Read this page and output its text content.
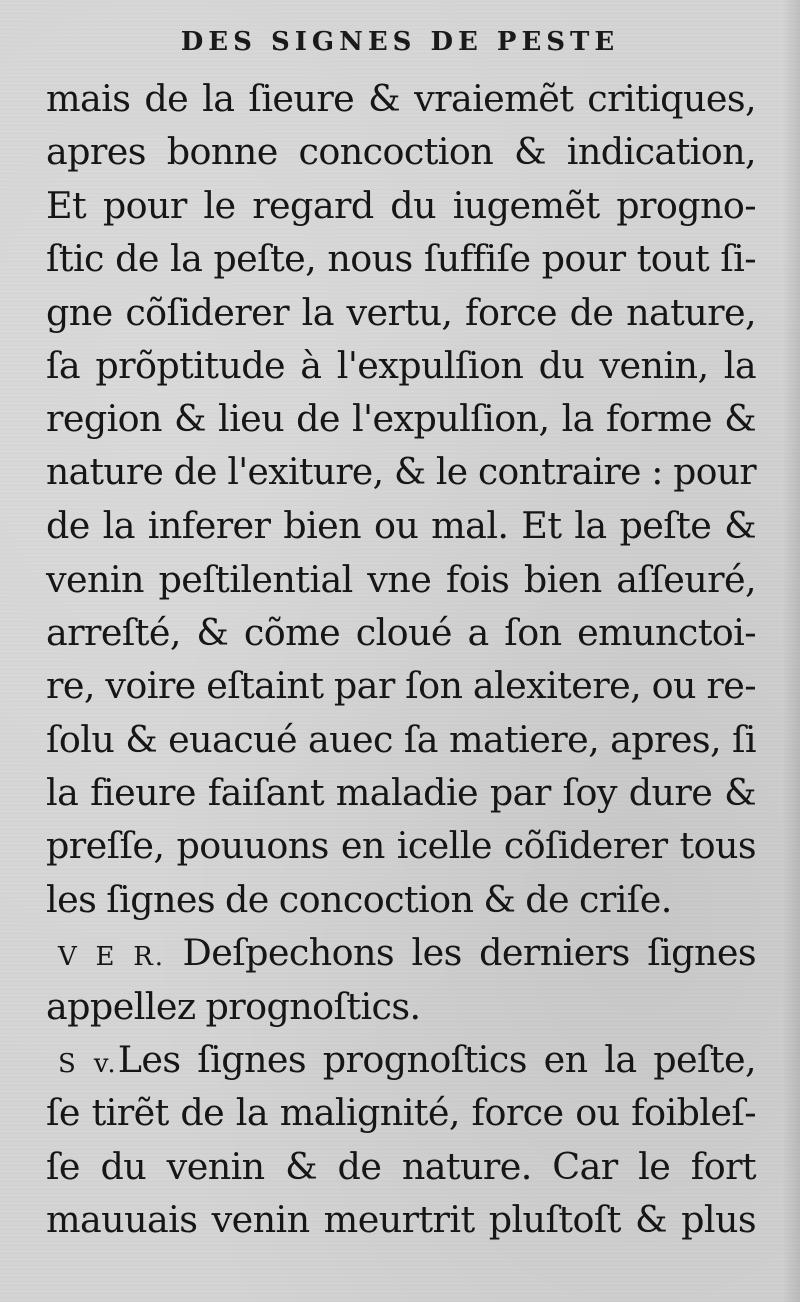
DES SIGNES DE PESTE
mais de la ſieure & vraiemẽt critiques,
apres bonne concoction & indication,
Et pour le regard du iugemẽt progno-
ſtic de la peſte, nous ſuffiſe pour tout ſi-
gne cõſiderer la vertu, force de nature,
ſa prõptitude à l'expulſion du venin, la
region & lieu de l'expulſion, la forme &
nature de l'exiture, & le contraire : pour
de la inferer bien ou mal. Et la peſte &
venin peſtilential vne fois bien aſſeuré,
arreſté, & cõme cloué a ſon emunctoi-
re, voire eſtaint par ſon alexitere, ou re-
ſolu & euacué auec ſa matiere, apres, ſi
la fieure faiſant maladie par ſoy dure &
preſſe, pouuons en icelle cõſiderer tous
les ſignes de concoction & de criſe.
V E R. Deſpechons les derniers ſignes
appellez prognoſtics.
S v.Les ſignes prognoſtics en la peſte,
ſe tirẽt de la malignité, force ou foibleſ-
ſe du venin & de nature. Car le fort
mauuais venin meurtrit pluſtoſt & plus
